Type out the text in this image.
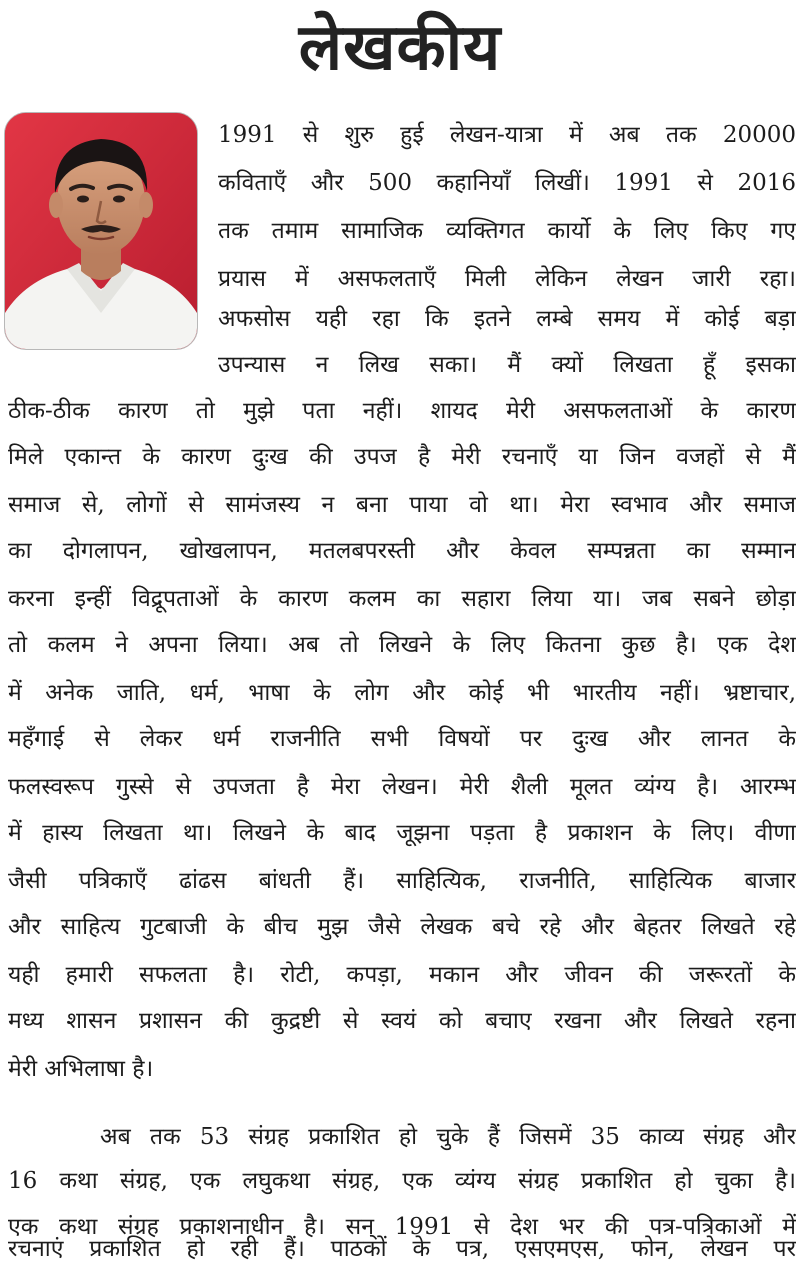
लेखकीय
1991 से शुरु हुई लेखन-यात्रा में अब तक 20000
कविताएँ और 500 कहानियाँ लिखीं। 1991 से 2016
तक तमाम सामाजिक व्यक्तिगत कार्यो के लिए किए गए
प्रयास में असफलताएँ मिली लेकिन लेखन जारी रहा।
अफसोस यही रहा कि इतने लम्बे समय में कोई बड़ा
उपन्यास न लिख सका। मैं क्यों लिखता हूँ इसका
ठीक-ठीक कारण तो मुझे पता नहीं। शायद मेरी असफलताओं के कारण
मिले एकान्त के कारण दुःख की उपज है मेरी रचनाएँ या जिन वजहों से मैं
समाज से, लोगों से सामंजस्य न बना पाया वो था। मेरा स्वभाव और समाज
का दोगलापन, खोखलापन, मतलबपरस्ती और केवल सम्पन्नता का सम्मान
करना इन्हीं विद्रूपताओं के कारण कलम का सहारा लिया या। जब सबने छोड़ा
तो कलम ने अपना लिया। अब तो लिखने के लिए कितना कुछ है। एक देश
में अनेक जाति, धर्म, भाषा के लोग और कोई भी भारतीय नहीं। भ्रष्टाचार,
महँगाई से लेकर धर्म राजनीति सभी विषयों पर दुःख और लानत के
फलस्वरूप गुस्से से उपजता है मेरा लेखन। मेरी शैली मूलत व्यंग्य है। आरम्भ
में हास्य लिखता था। लिखने के बाद जूझना पड़ता है प्रकाशन के लिए। वीणा
जैसी पत्रिकाएँ ढांढस बांधती हैं। साहित्यिक, राजनीति, साहित्यिक बाजार
और साहित्य गुटबाजी के बीच मुझ जैसे लेखक बचे रहे और बेहतर लिखते रहे
यही हमारी सफलता है। रोटी, कपड़ा, मकान और जीवन की जरूरतों के
मध्य शासन प्रशासन की कुद्रष्टी से स्वयं को बचाए रखना और लिखते रहना
मेरी अभिलाषा है।
अब तक 53 संग्रह प्रकाशित हो चुके हैं जिसमें 35 काव्य संग्रह और
16 कथा संग्रह, एक लघुकथा संग्रह, एक व्यंग्य संग्रह प्रकाशित हो चुका है।
एक कथा संग्रह प्रकाशनाधीन है। सन् 1991 से देश भर की पत्र-पत्रिकाओं में
रचनाएं प्रकाशित हो रही हैं। पाठकों के पत्र, एसएमएस, फोन, लेखन पर
